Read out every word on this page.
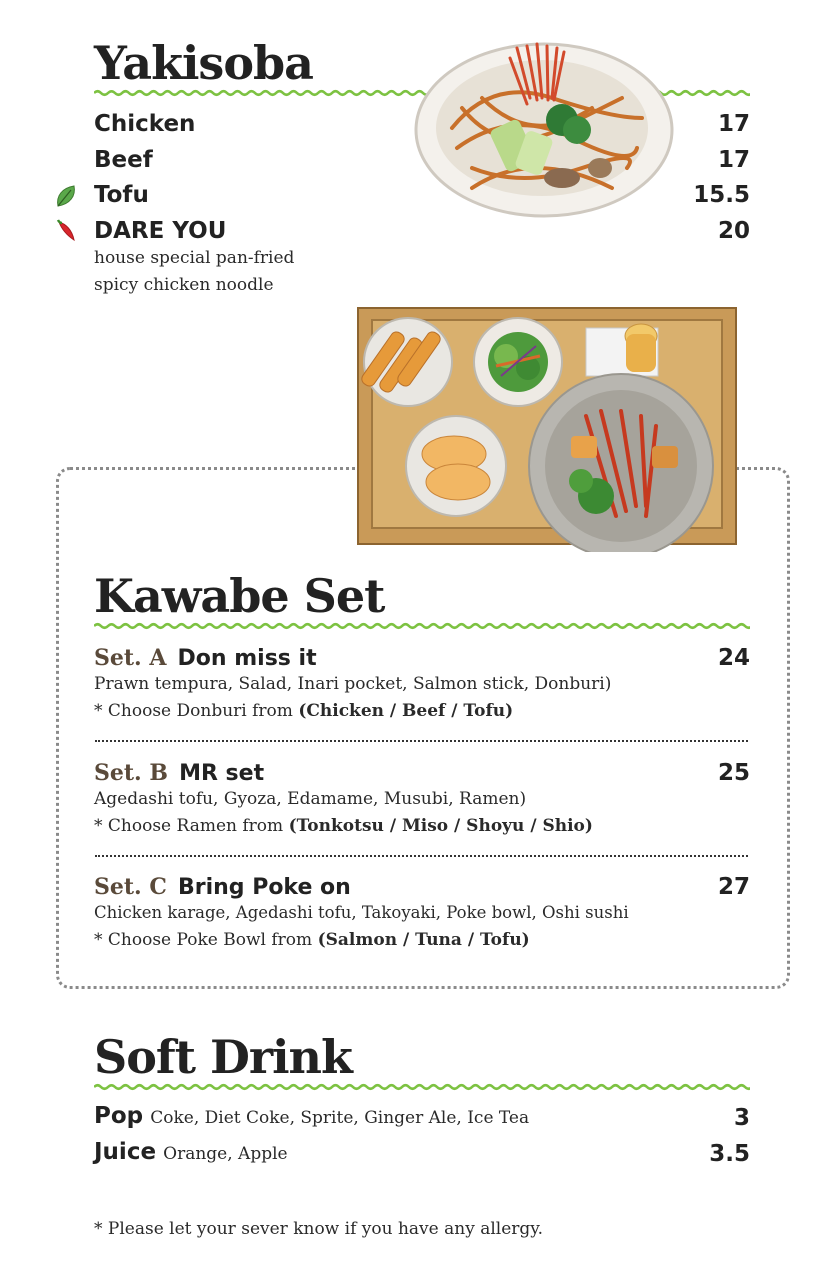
Yakisoba
Chicken	17
Beef	17
Tofu	15.5
DARE YOU	20
house special pan-fried
spicy chicken noodle
Kawabe Set
Set. A Don miss it	24
Prawn tempura, Salad, Inari pocket, Salmon stick, Donburi)
* Choose Donburi from (Chicken / Beef / Tofu)
Set. B MR set	25
Agedashi tofu, Gyoza, Edamame, Musubi, Ramen)
* Choose Ramen from (Tonkotsu / Miso / Shoyu / Shio)
Set. C Bring Poke on	27
Chicken karage, Agedashi tofu, Takoyaki, Poke bowl, Oshi sushi
* Choose Poke Bowl from (Salmon / Tuna / Tofu)
Soft Drink
Pop Coke, Diet Coke, Sprite, Ginger Ale, Ice Tea	3
Juice Orange, Apple	3.5
* Please let your sever know if you have any allergy.
